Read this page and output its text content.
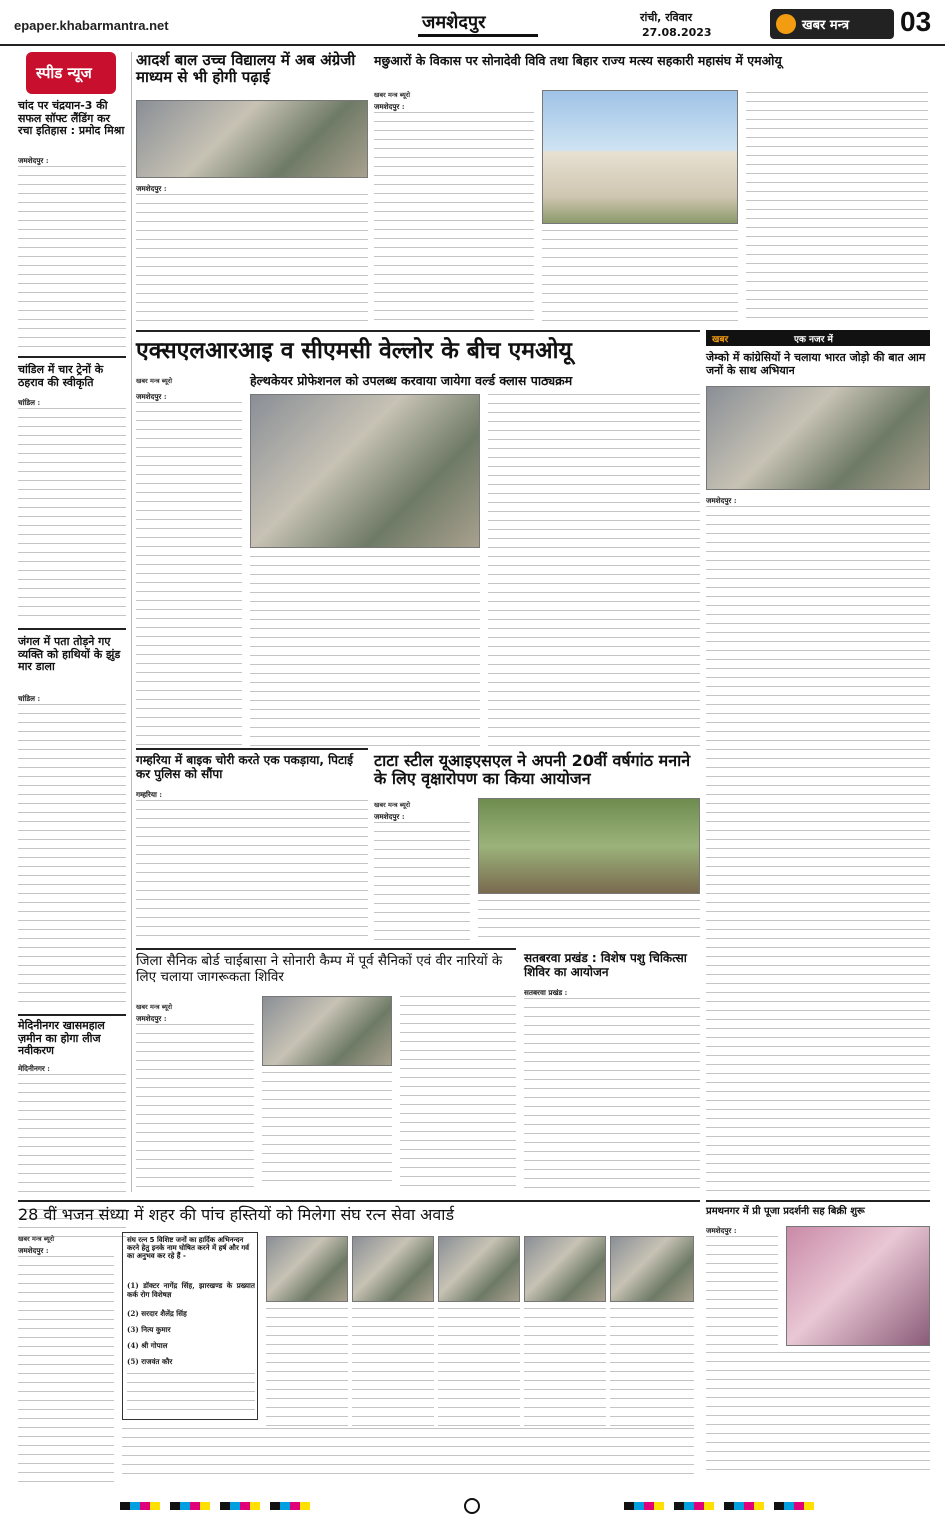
epaper.khabarmantra.net	जमशेदपुर	रांची, रविवार
27.08.2023	खबर मन्त्र 03
स्पीड न्यूज
चांद पर चंद्रयान-3 की सफल सॉफ्ट लैंडिंग कर रचा इतिहास : प्रमोद मिश्रा
जमशेदपुर :
चांडिल में चार ट्रेनों के ठहराव की स्वीकृति
चांडिल :
जंगल में पता तोड़ने गए व्यक्ति को हाथियों के झुंड मार डाला
चांडिल :
मेदिनीनगर खासमहाल ज़मीन का होगा लीज नवीकरण
मेदिनीनगर :
आदर्श बाल उच्च विद्यालय में अब अंग्रेजी माध्यम से भी होगी पढ़ाई
जमशेदपुर :
मछुआरों के विकास पर सोनादेवी विवि तथा बिहार राज्य मत्स्य सहकारी महासंघ में एमओयू
खबर मन्त्र ब्यूरो
जमशेदपुर :
एक्सएलआरआइ व सीएमसी वेल्लोर के बीच एमओयू
खबर मन्त्र ब्यूरो	हेल्थकेयर प्रोफेशनल को उपलब्ध करवाया जायेगा वर्ल्ड क्लास पाठ्यक्रम
जमशेदपुर :
गम्हरिया में बाइक चोरी करते एक पकड़ाया, पिटाई कर पुलिस को सौंपा
गम्हरिया :
टाटा स्टील यूआइएसएल ने अपनी 20वीं वर्षगांठ मनाने के लिए वृक्षारोपण का किया आयोजन
खबर मन्त्र ब्यूरो
जमशेदपुर :
जिला सैनिक बोर्ड चाईबासा ने सोनारी कैम्प में पूर्व सैनिकों एवं वीर नारियों के लिए चलाया जागरूकता शिविर
खबर मन्त्र ब्यूरो
जमशेदपुर :
सतबरवा प्रखंड : विशेष पशु चिकित्सा शिविर का आयोजन
सतबरवा प्रखंड :
खबर	एक नजर में
जेम्को में कांग्रेसियों ने चलाया भारत जोड़ो की बात आम जनों के साथ अभियान
जमशेदपुर :
28 वीं भजन संध्या में शहर की पांच हस्तियों को मिलेगा संघ रत्न सेवा अवार्ड
खबर मन्त्र ब्यूरो
जमशेदपुर :
संघ रत्न 5 विशिष्ट जनों का हार्दिक अभिनन्दन करने हेतु इनके नाम घोषित करने में हर्ष और गर्व का अनुभव कर रहे हैं -
(1) डॉक्टर नागेंद्र सिंह, झारखण्ड के प्रख्यात कर्क रोग विशेषज्ञ
(2) सरदार शैलेंद्र सिंह
(3) नित्य कुमार
(4) श्री गोपाल
(5) राजवंत कौर
प्रमथनगर में प्री पूजा प्रदर्शनी सह बिक्री शुरू
जमशेदपुर :
